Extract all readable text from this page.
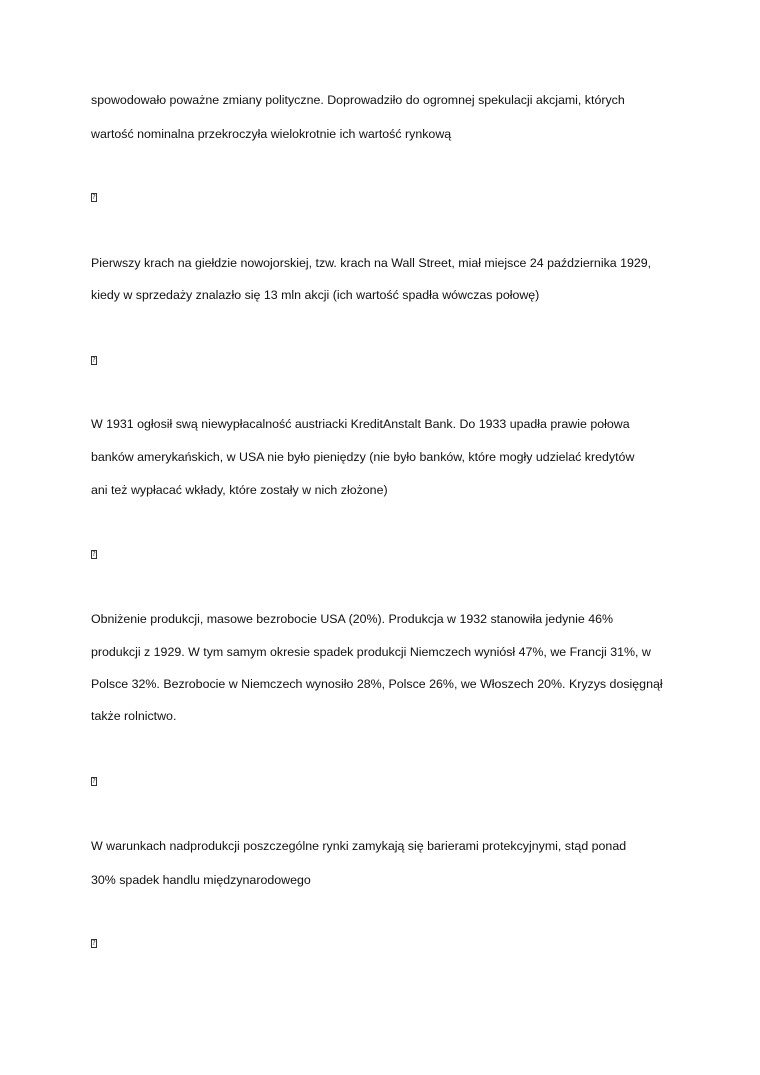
spowodowało poważne zmiany polityczne. Doprowadziło do ogromnej spekulacji akcjami, których
wartość nominalna przekroczyła wielokrotnie ich wartość rynkową
?
Pierwszy krach na giełdzie nowojorskiej, tzw. krach na Wall Street, miał miejsce 24 października 1929,
kiedy w sprzedaży znalazło się 13 mln akcji (ich wartość spadła wówczas połowę)
?
W 1931 ogłosił swą niewypłacalność austriacki KreditAnstalt Bank. Do 1933 upadła prawie połowa
banków amerykańskich, w USA nie było pieniędzy (nie było banków, które mogły udzielać kredytów
ani też wypłacać wkłady, które zostały w nich złożone)
?
Obniżenie produkcji, masowe bezrobocie USA (20%). Produkcja w 1932 stanowiła jedynie 46%
produkcji z 1929. W tym samym okresie spadek produkcji Niemczech wyniósł 47%, we Francji 31%, w
Polsce 32%. Bezrobocie w Niemczech wynosiło 28%, Polsce 26%, we Włoszech 20%. Kryzys dosięgnął
także rolnictwo.
?
W warunkach nadprodukcji poszczególne rynki zamykają się barierami protekcyjnymi, stąd ponad
30% spadek handlu międzynarodowego
?
